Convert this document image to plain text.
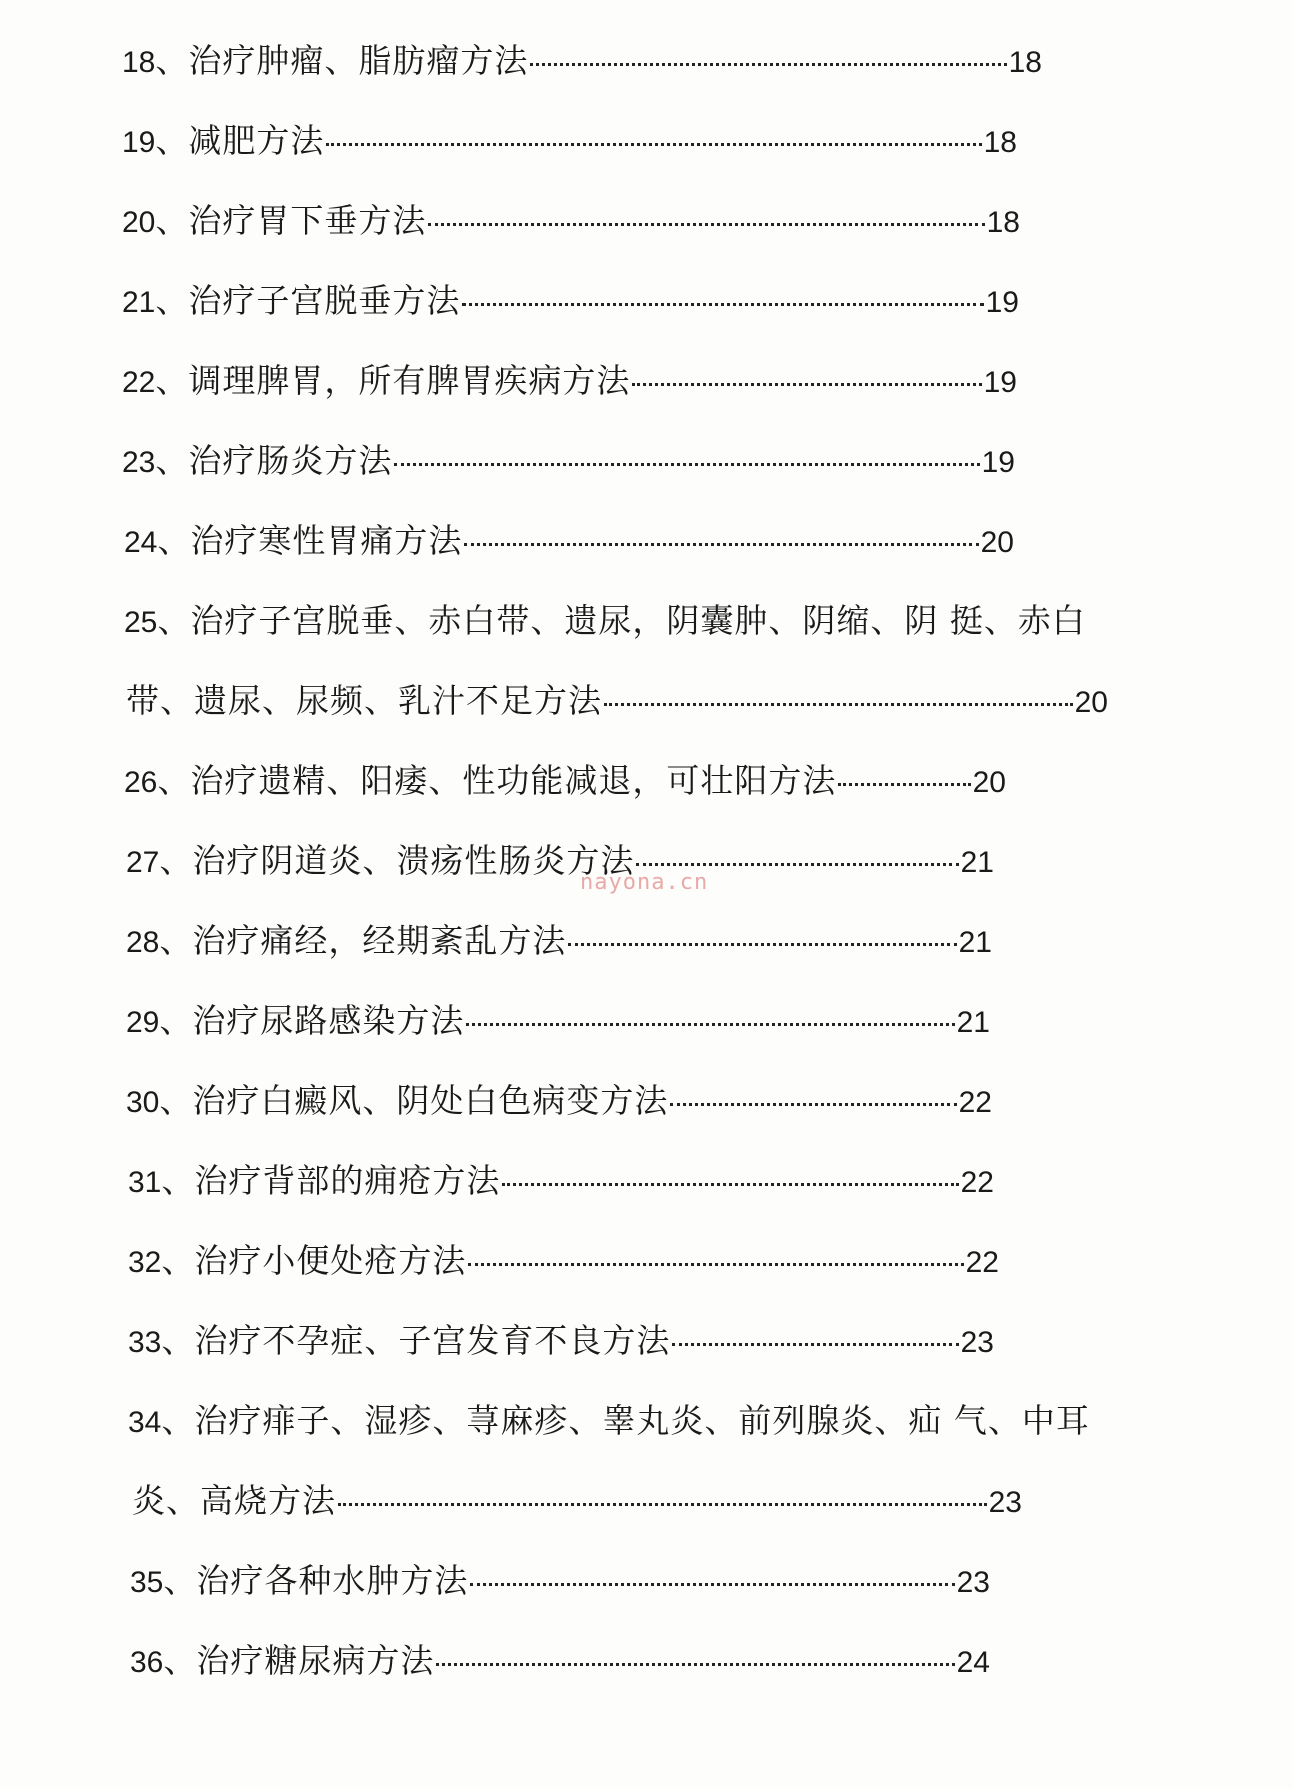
18 、 治疗肿瘤、脂肪瘤方法	18
19 、 减肥方法	18
20 、 治疗胃下垂方法	18
21 、 治疗子宫脱垂方法	19
22 、 调理脾胃，所有脾胃疾病方法	19
23 、 治疗肠炎方法	19
24 、 治疗寒性胃痛方法	20
25 、 治疗子宫脱垂、赤白带、遗尿，阴囊肿、阴缩、阴 挺、赤白
带、遗尿、尿频、乳汁不足方法	20
26 、 治疗遗精、阳痿、性功能减退，可壮阳方法	20
27 、 治疗阴道炎、溃疡性肠炎方法	21
28 、 治疗痛经，经期紊乱方法	21
29 、 治疗尿路感染方法	21
30 、 治疗白癜风、阴处白色病变方法	22
31 、 治疗背部的痈疮方法	22
32 、 治疗小便处疮方法	22
33 、 治疗不孕症、子宫发育不良方法	23
34 、 治疗痱子、湿疹、荨麻疹、睾丸炎、前列腺炎、疝 气、中耳
炎、高烧方法	23
35 、 治疗各种水肿方法	23
36 、 治疗糖尿病方法	24
nayona.cn
